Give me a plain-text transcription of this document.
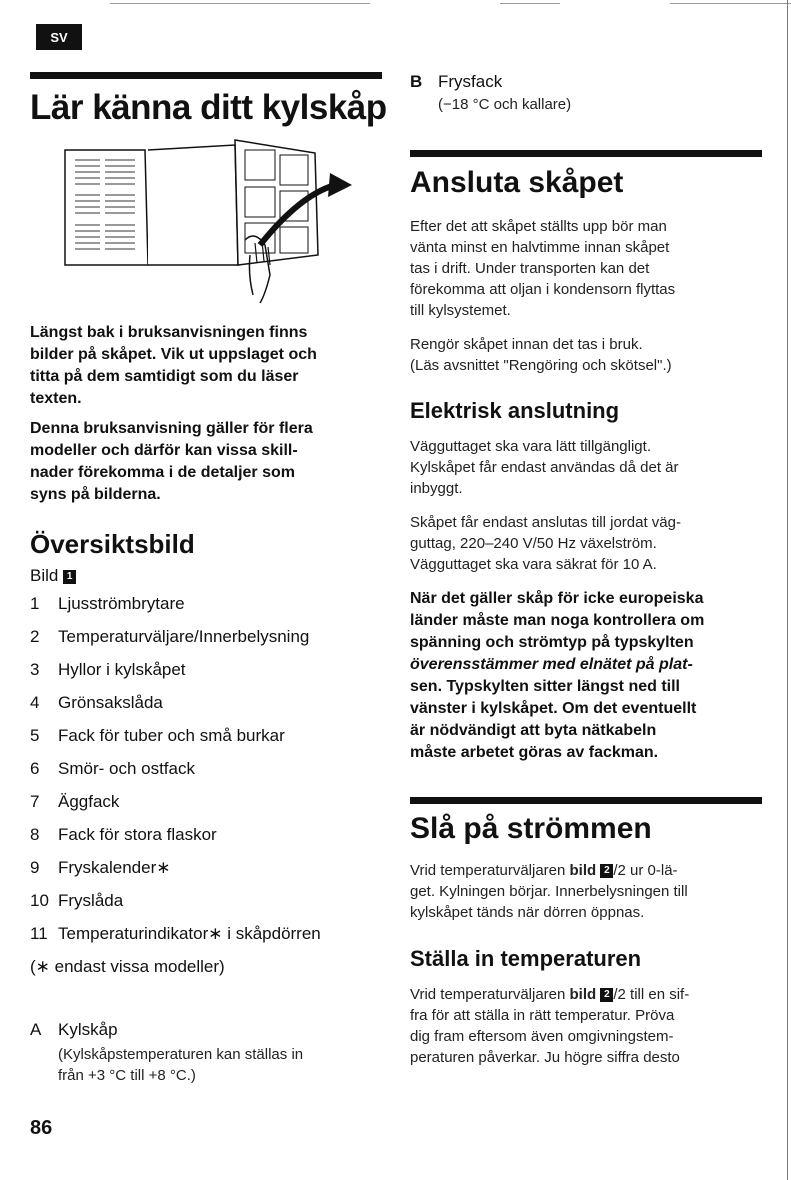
SV
Lär känna ditt kylskåp
Längst bak i bruksanvisningen finns
bilder på skåpet. Vik ut uppslaget och
titta på dem samtidigt som du läser
texten.
Denna bruksanvisning gäller för flera
modeller och därför kan vissa skill-
nader förekomma i de detaljer som
syns på bilderna.
Översiktsbild
Bild 1
1 Ljusströmbrytare
2 Temperaturväljare/Innerbelysning
3 Hyllor i kylskåpet
4 Grönsakslåda
5 Fack för tuber och små burkar
6 Smör- och ostfack
7 Äggfack
8 Fack för stora flaskor
9 Fryskalender∗
10 Fryslåda
11 Temperaturindikator∗ i skåpdörren
(∗ endast vissa modeller)
A Kylskåp
(Kylskåpstemperaturen kan ställas in
från +3 °C till +8 °C.)
86
B Frysfack
(−18 °C och kallare)
Ansluta skåpet
Efter det att skåpet ställts upp bör man
vänta minst en halvtimme innan skåpet
tas i drift. Under transporten kan det
förekomma att oljan i kondensorn flyttas
till kylsystemet.
Rengör skåpet innan det tas i bruk.
(Läs avsnittet "Rengöring och skötsel".)
Elektrisk anslutning
Vägguttaget ska vara lätt tillgängligt.
Kylskåpet får endast användas då det är
inbyggt.
Skåpet får endast anslutas till jordat väg-
guttag, 220–240 V/50 Hz växelström.
Vägguttaget ska vara säkrat för 10 A.
När det gäller skåp för icke europeiska
länder måste man noga kontrollera om
spänning och strömtyp på typskylten
överensstämmer med elnätet på plat-
sen. Typskylten sitter längst ned till
vänster i kylskåpet. Om det eventuellt
är nödvändigt att byta nätkabeln
måste arbetet göras av fackman.
Slå på strömmen
Vrid temperaturväljaren bild 2 /2 ur 0-lä-
get. Kylningen börjar. Innerbelysningen till
kylskåpet tänds när dörren öppnas.
Ställa in temperaturen
Vrid temperaturväljaren bild 2 /2 till en sif-
fra för att ställa in rätt temperatur. Pröva
dig fram eftersom även omgivningstem-
peraturen påverkar. Ju högre siffra desto
